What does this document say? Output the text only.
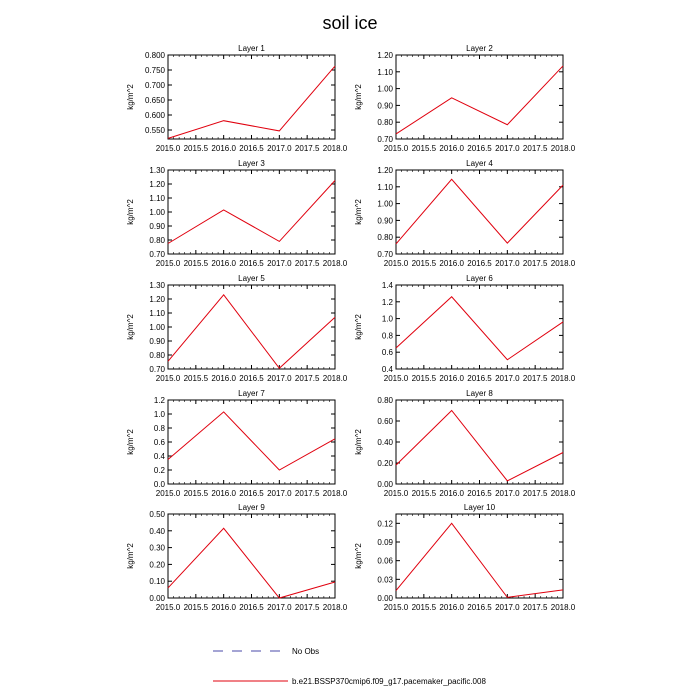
soil ice
Layer 1
2015.0 2015.5 2016.0 2016.5 2017.0 2017.5 2018.0
0.550
0.600
0.650
0.700
0.750
0.800
kg/m^2
Layer 2
2015.0 2015.5 2016.0 2016.5 2017.0 2017.5 2018.0
0.70
0.80
0.90
1.00
1.10
1.20
kg/m^2
Layer 3
2015.0 2015.5 2016.0 2016.5 2017.0 2017.5 2018.0
0.70
0.80
0.90
1.00
1.10
1.20
1.30
kg/m^2
Layer 4
2015.0 2015.5 2016.0 2016.5 2017.0 2017.5 2018.0
0.70
0.80
0.90
1.00
1.10
1.20
kg/m^2
Layer 5
2015.0 2015.5 2016.0 2016.5 2017.0 2017.5 2018.0
0.70
0.80
0.90
1.00
1.10
1.20
1.30
kg/m^2
Layer 6
2015.0 2015.5 2016.0 2016.5 2017.0 2017.5 2018.0
0.4
0.6
0.8
1.0
1.2
1.4
kg/m^2
Layer 7
2015.0 2015.5 2016.0 2016.5 2017.0 2017.5 2018.0
0.0
0.2
0.4
0.6
0.8
1.0
1.2
kg/m^2
Layer 8
2015.0 2015.5 2016.0 2016.5 2017.0 2017.5 2018.0
0.00
0.20
0.40
0.60
0.80
kg/m^2
Layer 9
2015.0 2015.5 2016.0 2016.5 2017.0 2017.5 2018.0
0.00
0.10
0.20
0.30
0.40
0.50
kg/m^2
Layer 10
2015.0 2015.5 2016.0 2016.5 2017.0 2017.5 2018.0
0.00
0.03
0.06
0.09
0.12
kg/m^2
No Obs
b.e21.BSSP370cmip6.f09_g17.pacemaker_pacific.008
